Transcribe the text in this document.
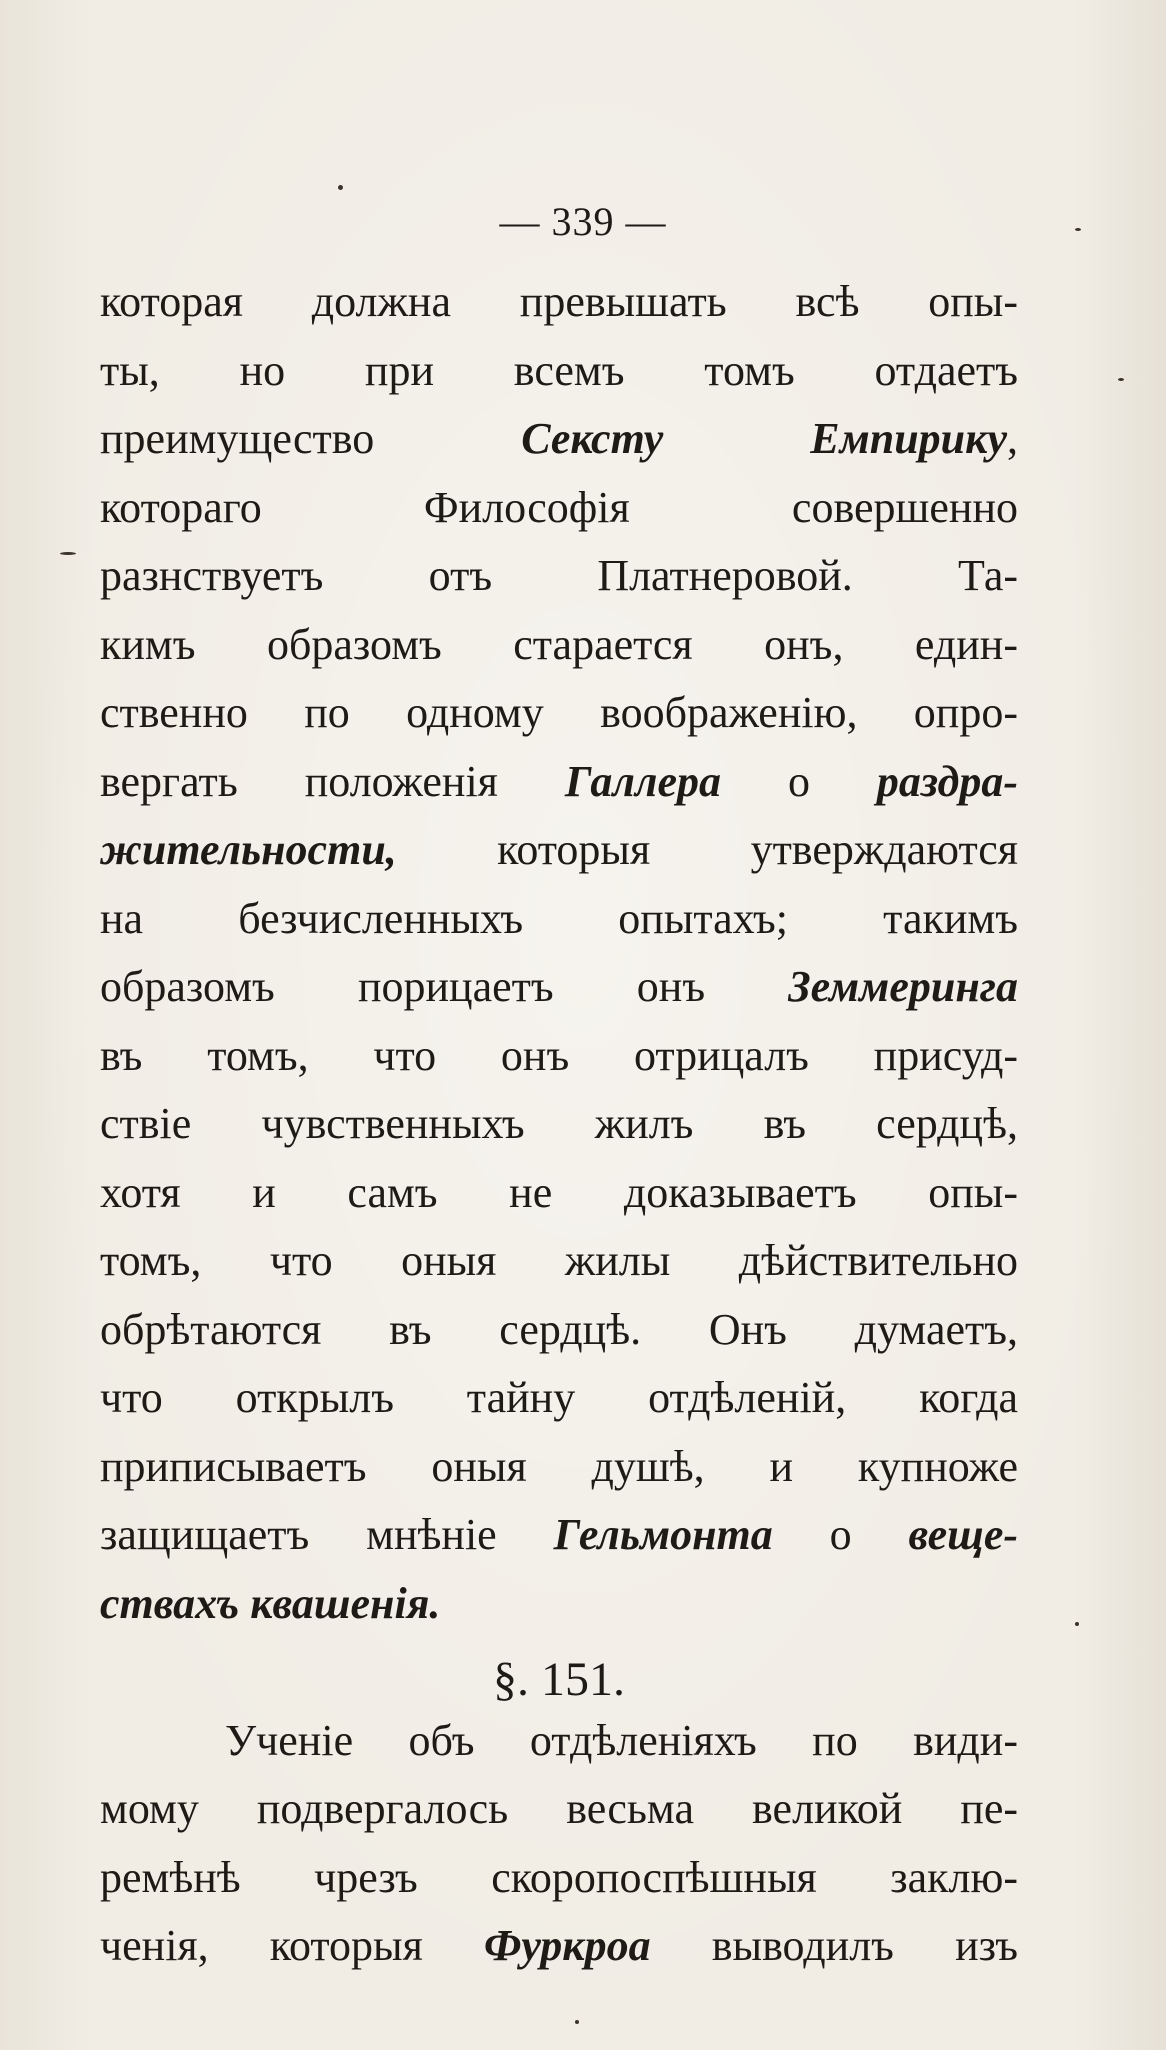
— 339 —
которая должна превышать всѣ опы-
ты, но при всемъ томъ отдаетъ
преимущество Сексту Емпирику,
котораго Философія совершенно
разнствуетъ отъ Платнеровой. Та-
кимъ образомъ старается онъ, един-
ственно по одному воображенію, опро-
вергать положенія Галлера о раздра-
жительности, которыя утверждаются
на безчисленныхъ опытахъ; такимъ
образомъ порицаетъ онъ Земмеринга
въ томъ, что онъ отрицалъ присуд-
ствіе чувственныхъ жилъ въ сердцѣ,
хотя и самъ не доказываетъ опы-
томъ, что оныя жилы дѣйствительно
обрѣтаются въ сердцѣ. Онъ думаетъ,
что открылъ тайну отдѣленій, когда
приписываетъ оныя душѣ, и купноже
защищаетъ мнѣніе Гельмонта о веще-
ствахъ квашенія.
§. 151.
Ученіе объ отдѣленіяхъ по види-
мому подвергалось весьма великой пе-
ремѣнѣ чрезъ скоропоспѣшныя заклю-
ченія, которыя Фуркроа выводилъ изъ
